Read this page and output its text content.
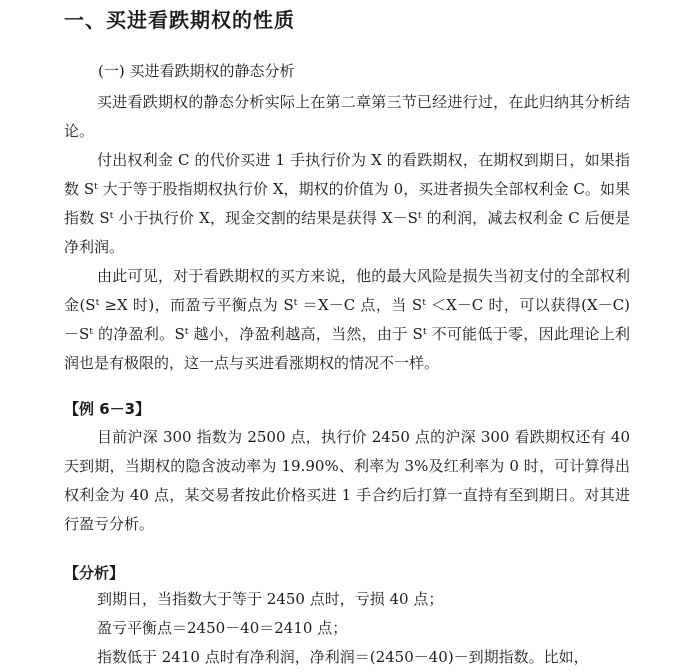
一、买进看跌期权的性质
(一) 买进看跌期权的静态分析

买进看跌期权的静态分析实际上在第二章第三节已经进行过，在此归纳其分析结论。

付出权利金 C 的代价买进 1 手执行价为 X 的看跌期权，在期权到期日，如果指数 Sᵗ 大于等于股指期权执行价 X，期权的价值为 0，买进者损失全部权利金 C。如果指数 Sᵗ 小于执行价 X，现金交割的结果是获得 X－Sᵗ 的利润，减去权利金 C 后便是净利润。

由此可见，对于看跌期权的买方来说，他的最大风险是损失当初支付的全部权利金(Sᵗ ≥X 时)，而盈亏平衡点为 Sᵗ ＝X－C 点，当 Sᵗ ＜X－C 时，可以获得(X－C)－Sᵗ 的净盈利。Sᵗ 越小，净盈利越高，当然，由于 Sᵗ 不可能低于零，因此理论上利润也是有极限的，这一点与买进看涨期权的情况不一样。

【例 6－3】

目前沪深 300 指数为 2500 点，执行价 2450 点的沪深 300 看跌期权还有 40 天到期，当期权的隐含波动率为 19.90%、利率为 3%及红利率为 0 时，可计算得出权利金为 40 点，某交易者按此价格买进 1 手合约后打算一直持有至到期日。对其进行盈亏分析。

【分析】

到期日，当指数大于等于 2450 点时，亏损 40 点；

盈亏平衡点＝2450－40＝2410 点；

指数低于 2410 点时有净利润，净利润＝(2450－40)－到期指数。比如，
